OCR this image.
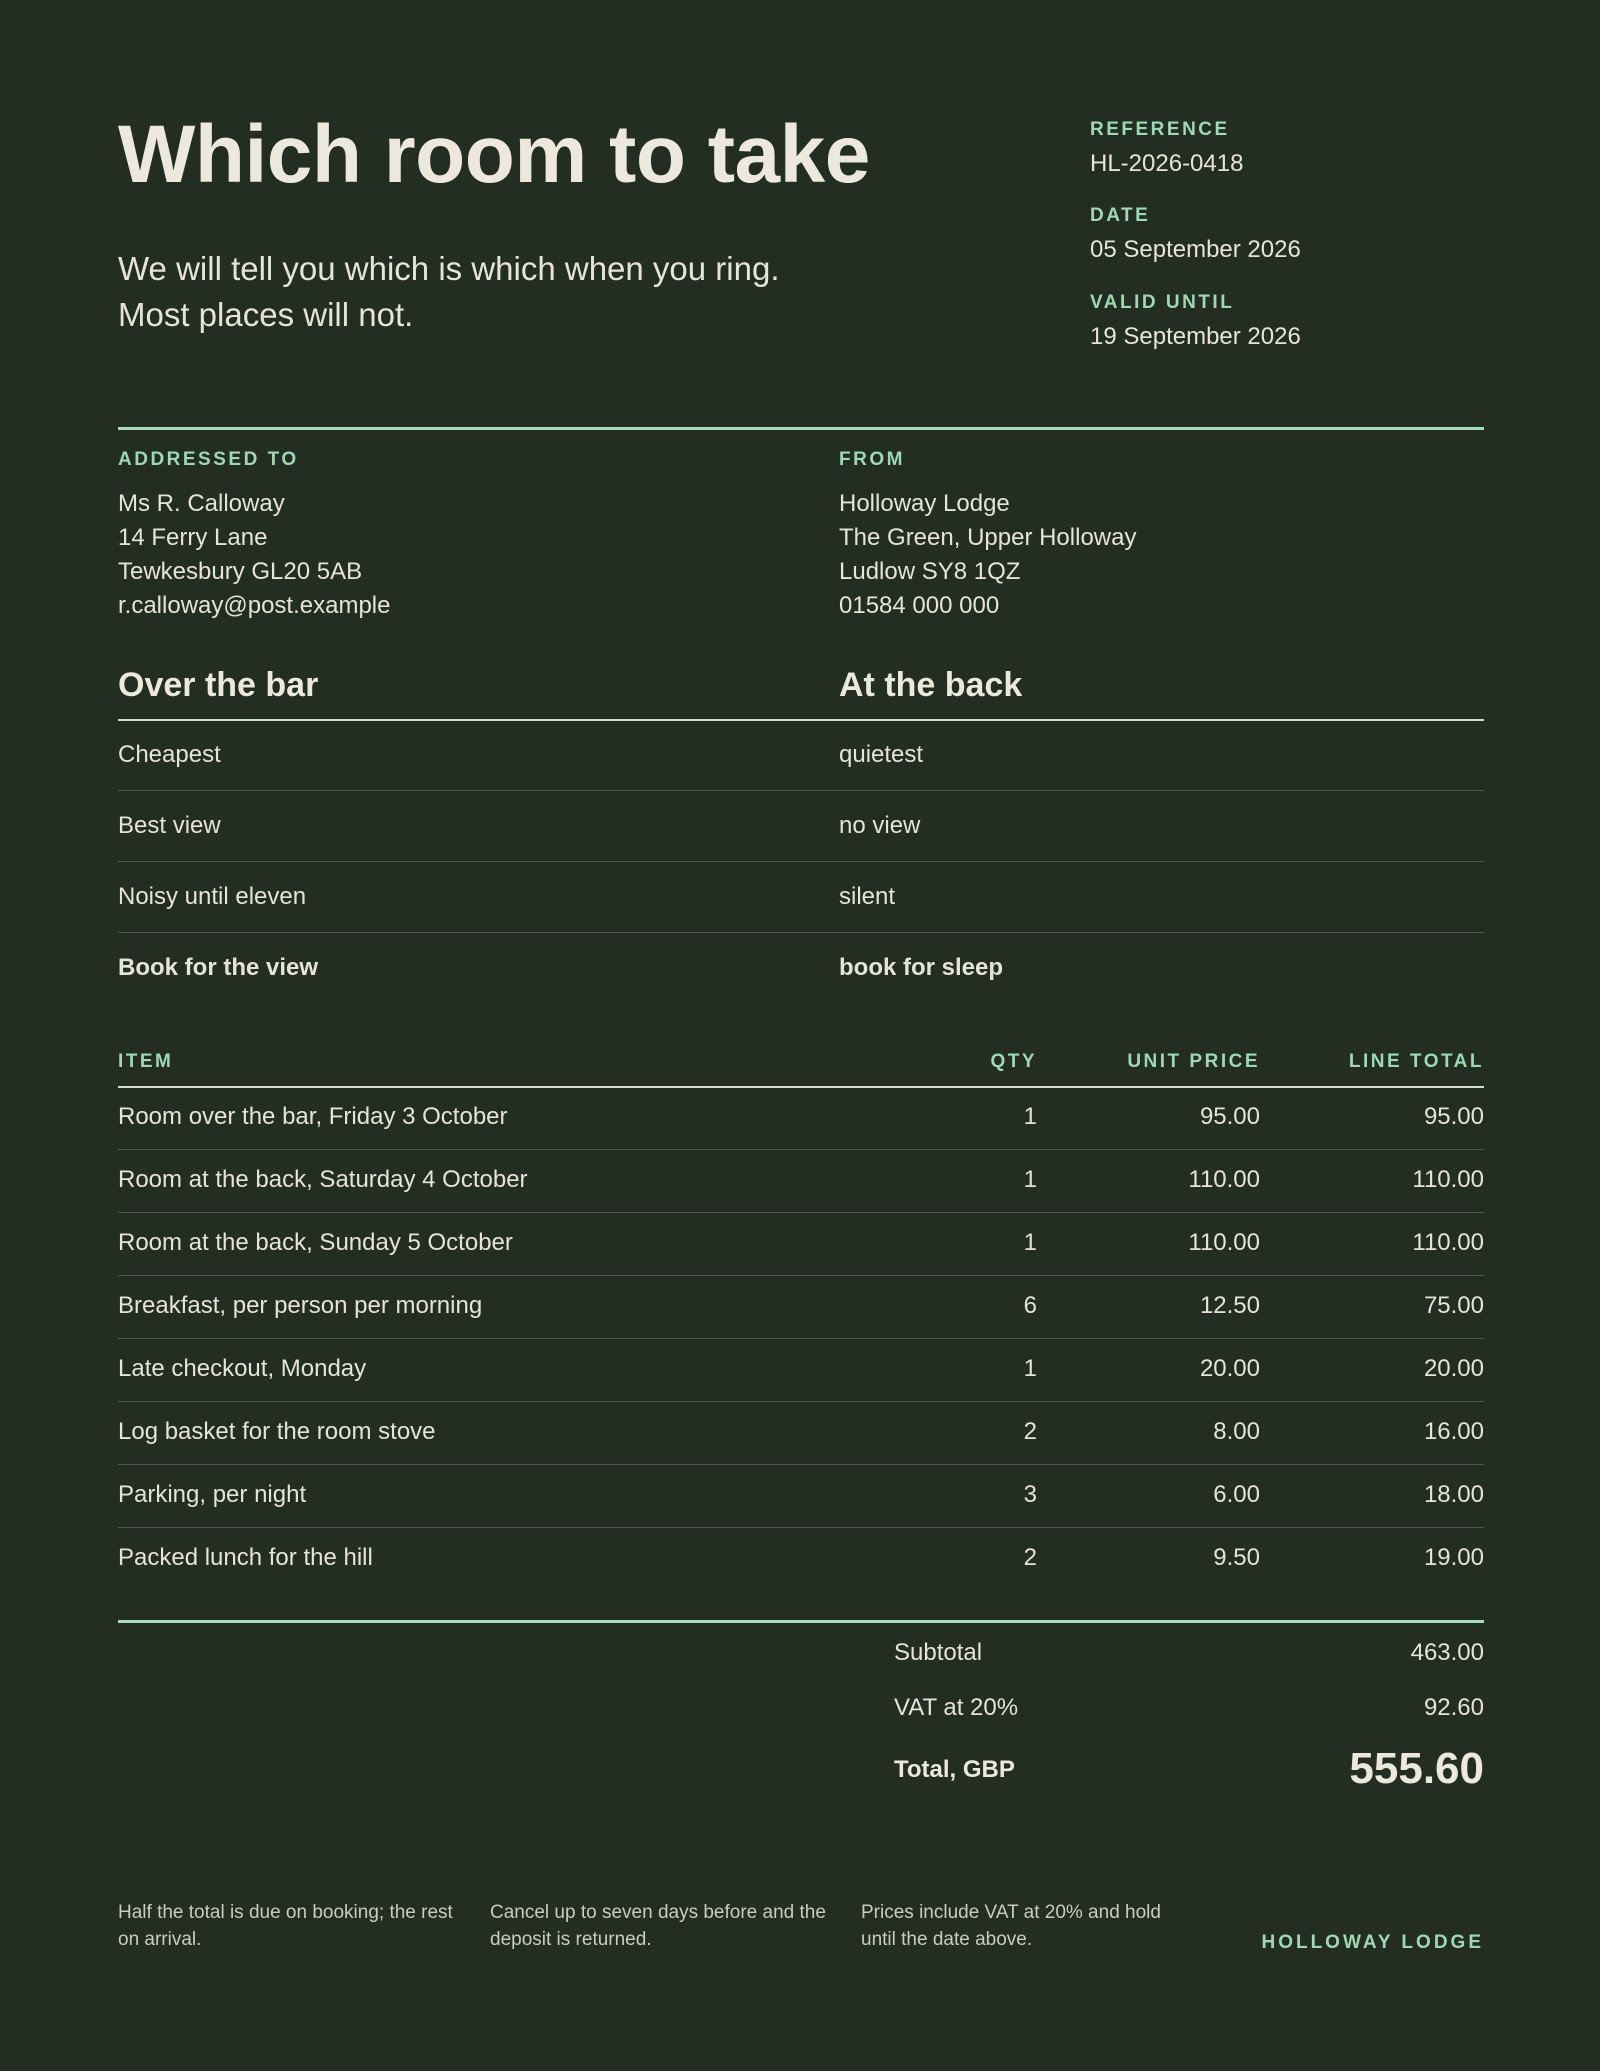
Which room to take
We will tell you which is which when you ring.
Most places will not.
REFERENCE
HL-2026-0418
DATE
05 September 2026
VALID UNTIL
19 September 2026
ADDRESSED TO
Ms R. Calloway
14 Ferry Lane
Tewkesbury GL20 5AB
r.calloway@post.example
FROM
Holloway Lodge
The Green, Upper Holloway
Ludlow SY8 1QZ
01584 000 000
Over the bar	At the back
Cheapest	quietest
Best view	no view
Noisy until eleven	silent
Book for the view	book for sleep
ITEM	QTY	UNIT PRICE	LINE TOTAL
Room over the bar, Friday 3 October	1	95.00	95.00
Room at the back, Saturday 4 October	1	110.00	110.00
Room at the back, Sunday 5 October	1	110.00	110.00
Breakfast, per person per morning	6	12.50	75.00
Late checkout, Monday	1	20.00	20.00
Log basket for the room stove	2	8.00	16.00
Parking, per night	3	6.00	18.00
Packed lunch for the hill	2	9.50	19.00
Subtotal	463.00
VAT at 20%	92.60
Total, GBP	555.60
Half the total is due on booking; the rest on arrival.
Cancel up to seven days before and the deposit is returned.
Prices include VAT at 20% and hold until the date above.	HOLLOWAY LODGE
